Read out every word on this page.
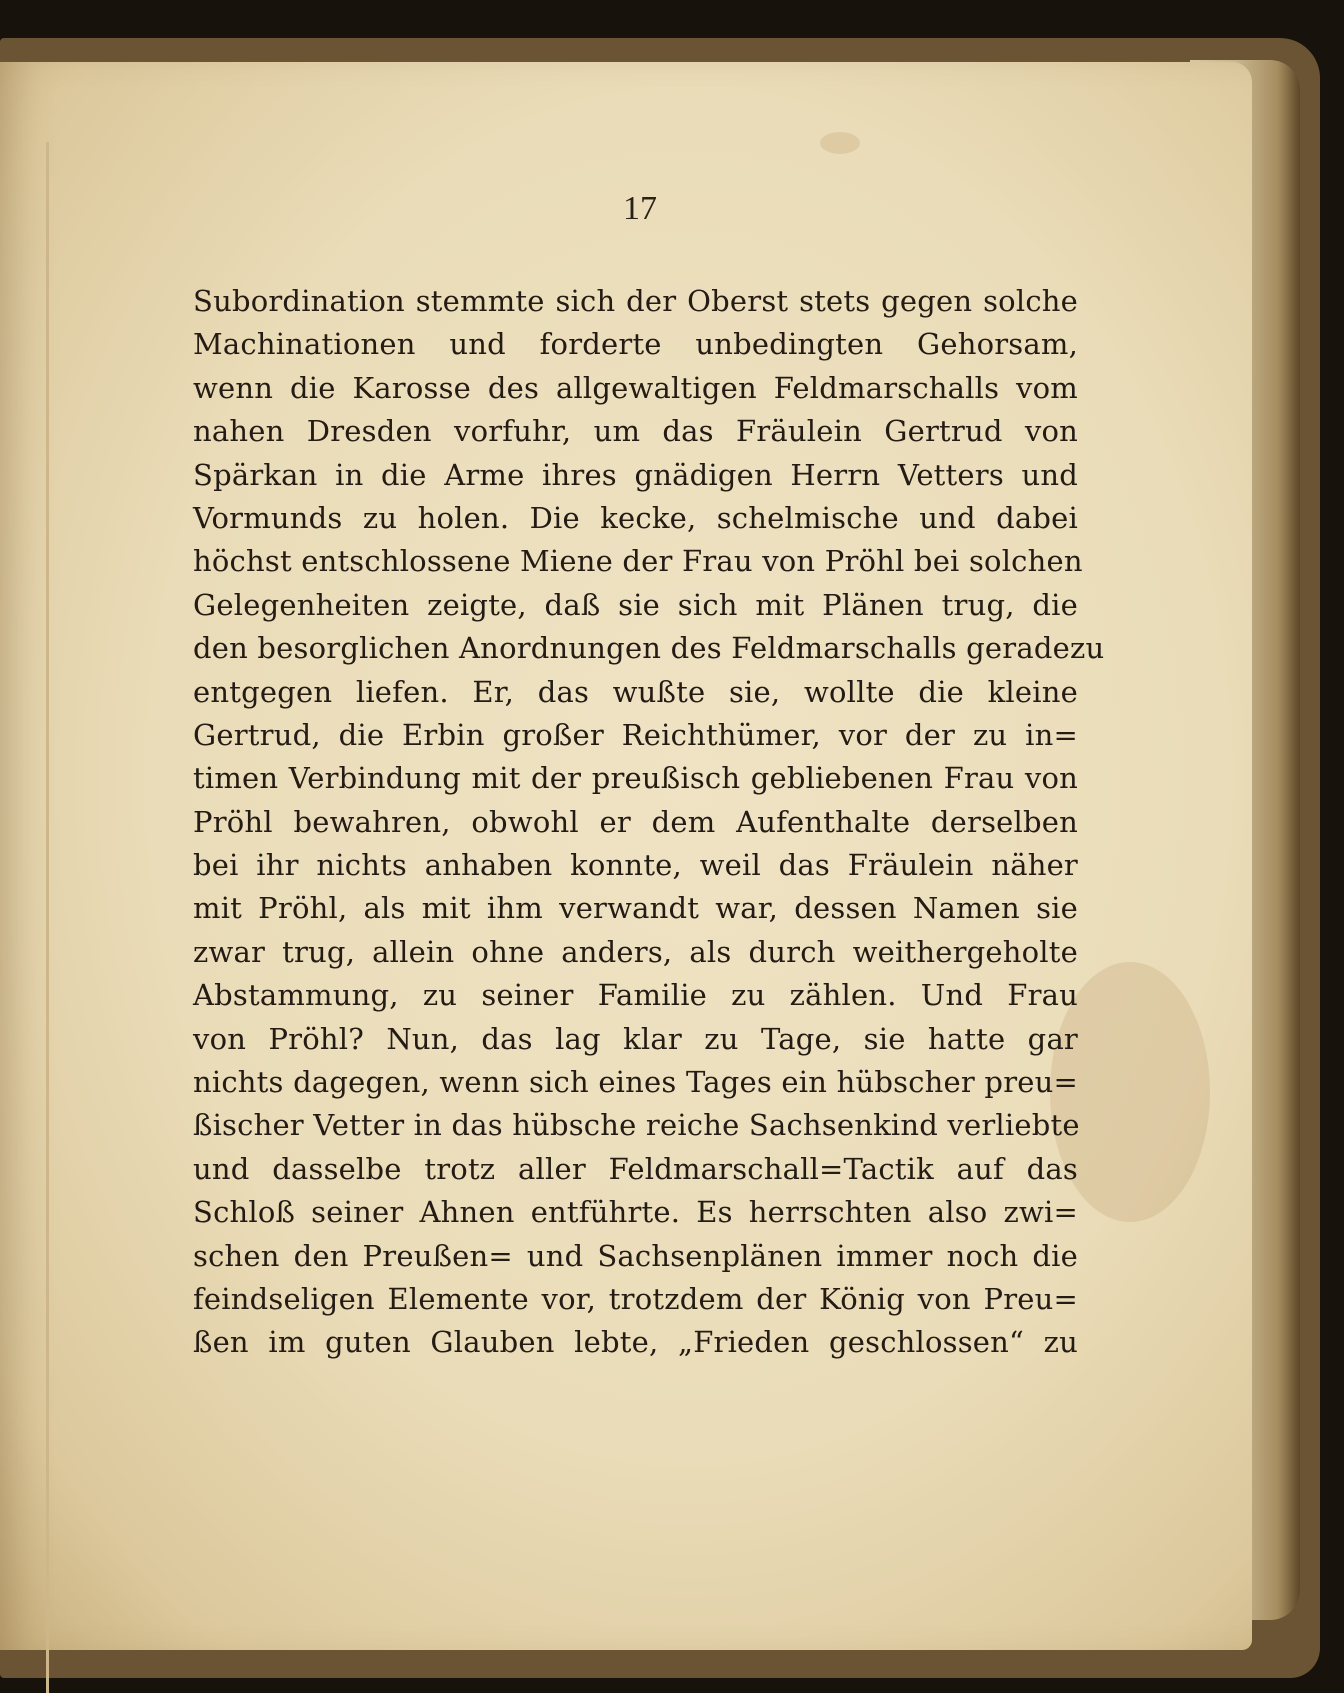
17
Subordination stemmte sich der Oberst stets gegen solche
Machinationen und forderte unbedingten Gehorsam,
wenn die Karosse des allgewaltigen Feldmarschalls vom
nahen Dresden vorfuhr, um das Fräulein Gertrud von
Spärkan in die Arme ihres gnädigen Herrn Vetters und
Vormunds zu holen. Die kecke, schelmische und dabei
höchst entschlossene Miene der Frau von Pröhl bei solchen
Gelegenheiten zeigte, daß sie sich mit Plänen trug, die
den besorglichen Anordnungen des Feldmarschalls geradezu
entgegen liefen. Er, das wußte sie, wollte die kleine
Gertrud, die Erbin großer Reichthümer, vor der zu in=
timen Verbindung mit der preußisch gebliebenen Frau von
Pröhl bewahren, obwohl er dem Aufenthalte derselben
bei ihr nichts anhaben konnte, weil das Fräulein näher
mit Pröhl, als mit ihm verwandt war, dessen Namen sie
zwar trug, allein ohne anders, als durch weithergeholte
Abstammung, zu seiner Familie zu zählen. Und Frau
von Pröhl? Nun, das lag klar zu Tage, sie hatte gar
nichts dagegen, wenn sich eines Tages ein hübscher preu=
ßischer Vetter in das hübsche reiche Sachsenkind verliebte
und dasselbe trotz aller Feldmarschall=Tactik auf das
Schloß seiner Ahnen entführte. Es herrschten also zwi=
schen den Preußen= und Sachsenplänen immer noch die
feindseligen Elemente vor, trotzdem der König von Preu=
ßen im guten Glauben lebte, „Frieden geschlossen“ zu
